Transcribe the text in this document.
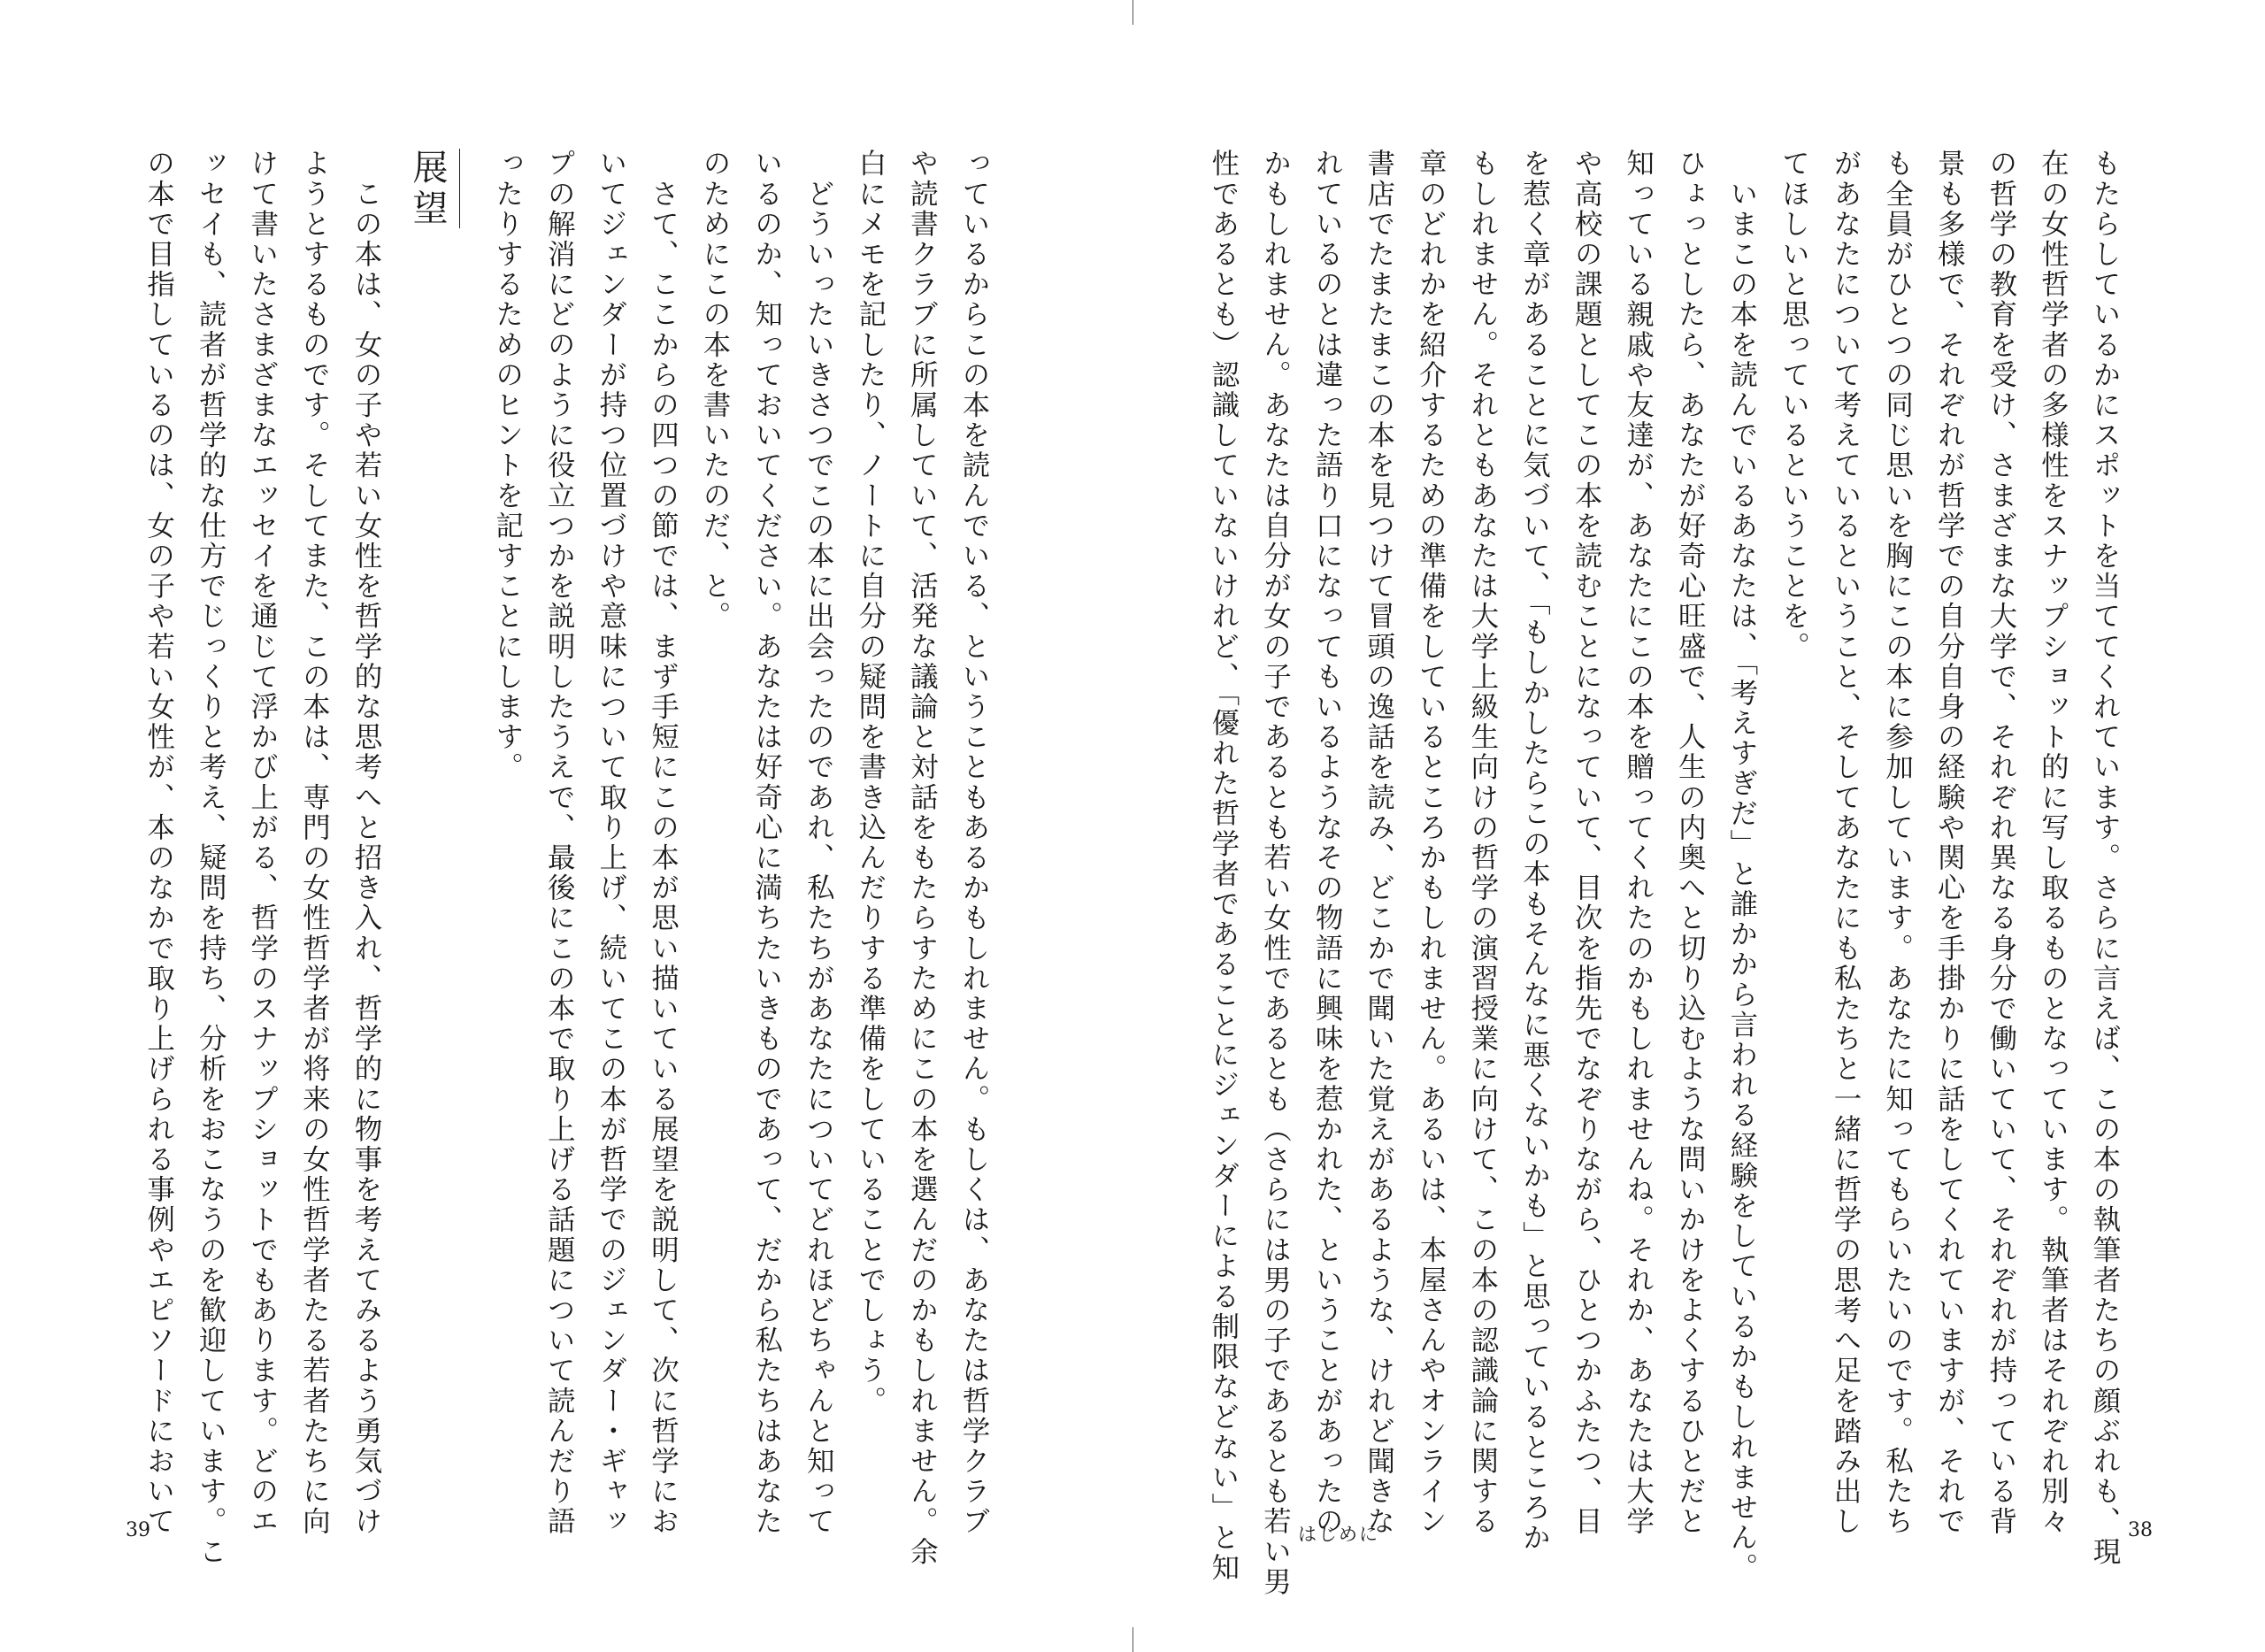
もたらしているかにスポットを当ててくれています。さらに言えば、この本の執筆者たちの顔ぶれも、現
在の女性哲学者の多様性をスナップショット的に写し取るものとなっています。執筆者はそれぞれ別々
の哲学の教育を受け、さまざまな大学で、それぞれ異なる身分で働いていて、それぞれが持っている背
景も多様で、それぞれが哲学での自分自身の経験や関心を手掛かりに話をしてくれていますが、それで
も全員がひとつの同じ思いを胸にこの本に参加しています。あなたに知ってもらいたいのです。私たち
があなたについて考えているということ、そしてあなたにも私たちと一緒に哲学の思考へ足を踏み出し
てほしいと思っているということを。
　いまこの本を読んでいるあなたは、「考えすぎだ」と誰かから言われる経験をしているかもしれません。
ひょっとしたら、あなたが好奇心旺盛で、人生の内奥へと切り込むような問いかけをよくするひとだと
知っている親戚や友達が、あなたにこの本を贈ってくれたのかもしれませんね。それか、あなたは大学
や高校の課題としてこの本を読むことになっていて、目次を指先でなぞりながら、ひとつかふたつ、目
を惹く章があることに気づいて、「もしかしたらこの本もそんなに悪くないかも」と思っているところか
もしれません。それともあなたは大学上級生向けの哲学の演習授業に向けて、この本の認識論に関する
章のどれかを紹介するための準備をしているところかもしれません。あるいは、本屋さんやオンライン
書店でたまたまこの本を見つけて冒頭の逸話を読み、どこかで聞いた覚えがあるような、けれど聞きな
れているのとは違った語り口になってもいるようなその物語に興味を惹かれた、ということがあったの
かもしれません。あなたは自分が女の子であるとも若い女性であるとも（さらには男の子であるとも若い男
性であるとも）認識していないけれど、「優れた哲学者であることにジェンダーによる制限などない」と知
っているからこの本を読んでいる、ということもあるかもしれません。もしくは、あなたは哲学クラブ
や読書クラブに所属していて、活発な議論と対話をもたらすためにこの本を選んだのかもしれません。余
白にメモを記したり、ノートに自分の疑問を書き込んだりする準備をしていることでしょう。
　どういったいきさつでこの本に出会ったのであれ、私たちがあなたについてどれほどちゃんと知って
いるのか、知っておいてください。あなたは好奇心に満ちたいきものであって、だから私たちはあなた
のためにこの本を書いたのだ、と。
　さて、ここからの四つの節では、まず手短にこの本が思い描いている展望を説明して、次に哲学にお
いてジェンダーが持つ位置づけや意味について取り上げ、続いてこの本が哲学でのジェンダー・ギャッ
プの解消にどのように役立つかを説明したうえで、最後にこの本で取り上げる話題について読んだり語
ったりするためのヒントを記すことにします。
展望
　この本は、女の子や若い女性を哲学的な思考へと招き入れ、哲学的に物事を考えてみるよう勇気づけ
ようとするものです。そしてまた、この本は、専門の女性哲学者が将来の女性哲学者たる若者たちに向
けて書いたさまざまなエッセイを通じて浮かび上がる、哲学のスナップショットでもあります。どのエ
ッセイも、読者が哲学的な仕方でじっくりと考え、疑問を持ち、分析をおこなうのを歓迎しています。こ
の本で目指しているのは、女の子や若い女性が、本のなかで取り上げられる事例やエピソードにおいて
39	はじめに	38
